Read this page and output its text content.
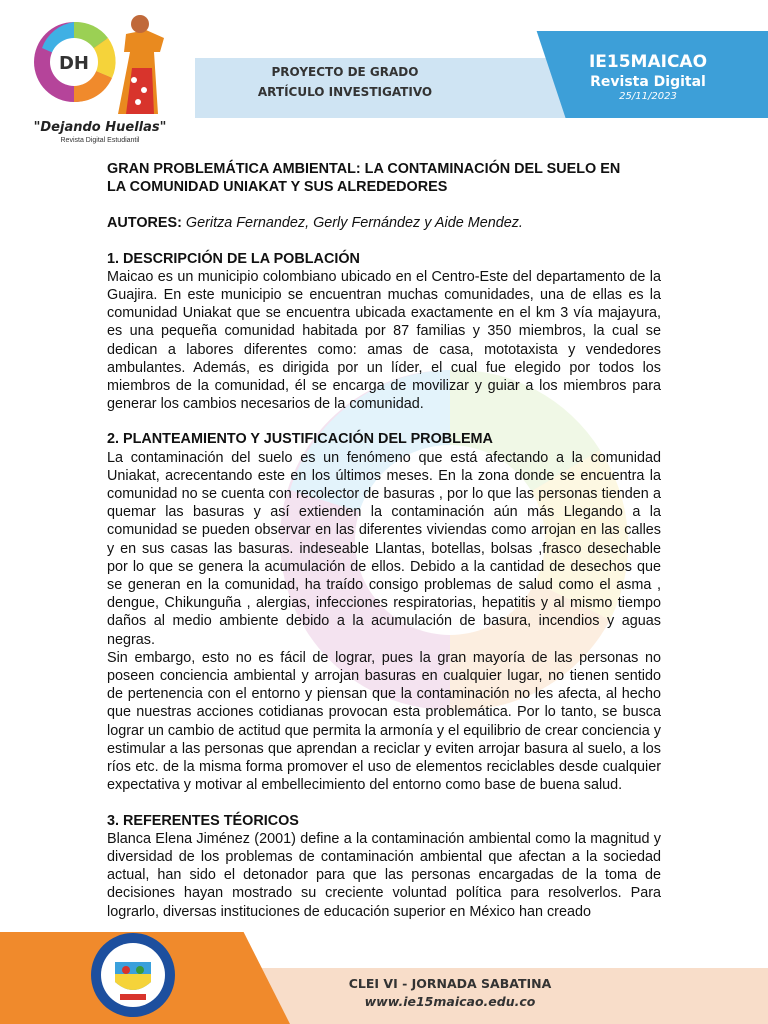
PROYECTO DE GRADO
ARTÍCULO INVESTIGATIVO
IE15MAICAO
Revista Digital
25/11/2023
DH
"Dejando Huellas"
Revista Digital Estudiantil

GRAN PROBLEMÁTICA AMBIENTAL: LA CONTAMINACIÓN DEL SUELO EN
LA COMUNIDAD UNIAKAT Y SUS ALREDEDORES

AUTORES: Geritza Fernandez, Gerly Fernández y Aide Mendez.

1. DESCRIPCIÓN DE LA POBLACIÓN

Maicao es un municipio colombiano ubicado en el Centro-Este del departamento de la Guajira. En este municipio se encuentran muchas comunidades, una de ellas es la comunidad Uniakat que se encuentra ubicada exactamente en el km 3 vía majayura, es una pequeña comunidad habitada por 87 familias y 350 miembros, la cual se dedican a labores diferentes como: amas de casa, mototaxista y vendedores ambulantes. Además, es dirigida por un líder, el cual fue elegido por todos los miembros de la comunidad, él se encarga de movilizar y guiar a los miembros para generar los cambios necesarios de la comunidad.

2. PLANTEAMIENTO Y JUSTIFICACIÓN DEL PROBLEMA

La contaminación del suelo es un fenómeno que está afectando a la comunidad Uniakat, acrecentando este en los últimos meses. En la zona donde se encuentra la comunidad no se cuenta con recolector de basuras , por lo que las personas tienden a quemar las basuras y así extienden la contaminación aún más Llegando a la comunidad se pueden observar en las diferentes viviendas como arrojan en las calles y en sus casas las basuras. indeseable Llantas, botellas, bolsas ,frasco desechable por lo que se genera la acumulación de ellos. Debido a la cantidad de desechos que se generan en la comunidad, ha traído consigo problemas de salud como el asma , dengue, Chikunguña , alergias, infecciones respiratorias, hepatitis y al mismo tiempo daños al medio ambiente debido a la acumulación de basura, incendios y aguas negras.

Sin embargo, esto no es fácil de lograr, pues la gran mayoría de las personas no poseen conciencia ambiental y arrojan basuras en cualquier lugar, no tienen sentido de pertenencia con el entorno y piensan que la contaminación no les afecta, al hecho que nuestras acciones cotidianas provocan esta problemática. Por lo tanto, se busca lograr un cambio de actitud que permita la armonía y el equilibrio de crear conciencia y estimular a las personas que aprendan a reciclar y eviten arrojar basura al suelo, a los ríos etc. de la misma forma promover el uso de elementos reciclables desde cualquier expectativa y motivar al embellecimiento del entorno como base de buena salud.

3. REFERENTES TÉORICOS

Blanca Elena Jiménez (2001) define a la contaminación ambiental como la magnitud y diversidad de los problemas de contaminación ambiental que afectan a la sociedad actual, han sido el detonador para que las personas encargadas de la toma de decisiones hayan mostrado su creciente voluntad política para resolverlos. Para lograrlo, diversas instituciones de educación superior en México han creado

CLEI VI - JORNADA SABATINA
www.ie15maicao.edu.co
